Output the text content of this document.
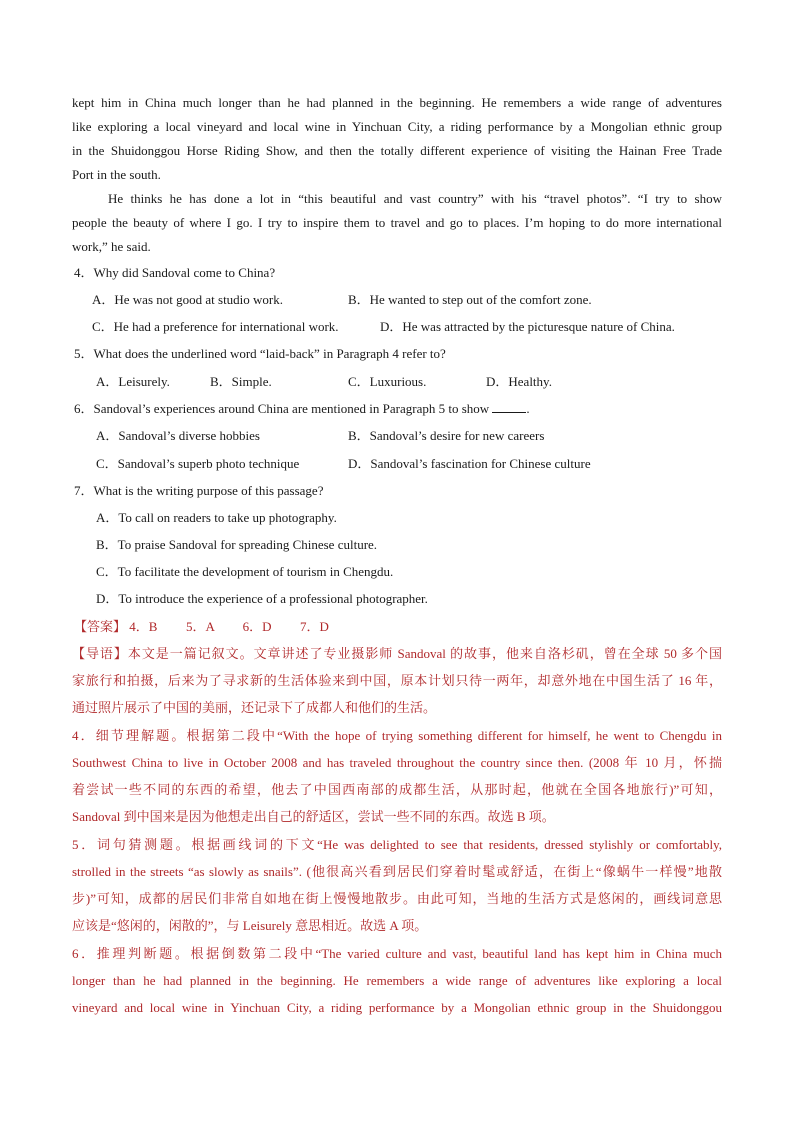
kept him in China much longer than he had planned in the beginning. He remembers a wide range of adventures
like exploring a local vineyard and local wine in Yinchuan City, a riding performance by a Mongolian ethnic group
in the Shuidonggou Horse Riding Show, and then the totally different experience of visiting the Hainan Free Trade
Port in the south.
He thinks he has done a lot in “this beautiful and vast country” with his “travel photos”. “I try to show
people the beauty of where I go. I try to inspire them to travel and go to places. I’m hoping to do more international
work,” he said.
4．Why did Sandoval come to China?
A．He was not good at studio work.	B．He wanted to step out of the comfort zone.
C．He had a preference for international work.	D．He was attracted by the picturesque nature of China.
5．What does the underlined word “laid-back” in Paragraph 4 refer to?
A．Leisurely.	B．Simple.	C．Luxurious.	D．Healthy.
6．Sandoval’s experiences around China are mentioned in Paragraph 5 to show	.
A．Sandoval’s diverse hobbies	B．Sandoval’s desire for new careers
C．Sandoval’s superb photo technique	D．Sandoval’s fascination for Chinese culture
7．What is the writing purpose of this passage?
A．To call on readers to take up photography.
B．To praise Sandoval for spreading Chinese culture.
C．To facilitate the development of tourism in Chengdu.
D．To introduce the experience of a professional photographer.
【答案】 4．B 5．A 6．D 7．D
【导语】本文是一篇记叙文。文章讲述了专业摄影师 Sandoval 的故事，他来自洛杉矶，曾在全球 50 多个国
家旅行和拍摄，后来为了寻求新的生活体验来到中国，原本计划只待一两年，却意外地在中国生活了 16 年，
通过照片展示了中国的美丽，还记录下了成都人和他们的生活。
4．细节理解题。根据第二段中“With the hope of trying something different for himself, he went to Chengdu in
Southwest China to live in October 2008 and has traveled throughout the country since then. (2008 年 10 月，怀揣
着尝试一些不同的东西的希望，他去了中国西南部的成都生活，从那时起，他就在全国各地旅行)”可知，
Sandoval 到中国来是因为他想走出自己的舒适区，尝试一些不同的东西。故选 B 项。
5．词句猜测题。根据画线词的下文“He was delighted to see that residents, dressed stylishly or comfortably,
strolled in the streets “as slowly as snails”. (他很高兴看到居民们穿着时髦或舒适，在街上“像蜗牛一样慢”地散
步)”可知，成都的居民们非常自如地在街上慢慢地散步。由此可知，当地的生活方式是悠闲的，画线词意思
应该是“悠闲的，闲散的”，与 Leisurely 意思相近。故选 A 项。
6．推理判断题。根据倒数第二段中“The varied culture and vast, beautiful land has kept him in China much
longer than he had planned in the beginning. He remembers a wide range of adventures like exploring a local
vineyard and local wine in Yinchuan City, a riding performance by a Mongolian ethnic group in the Shuidonggou
